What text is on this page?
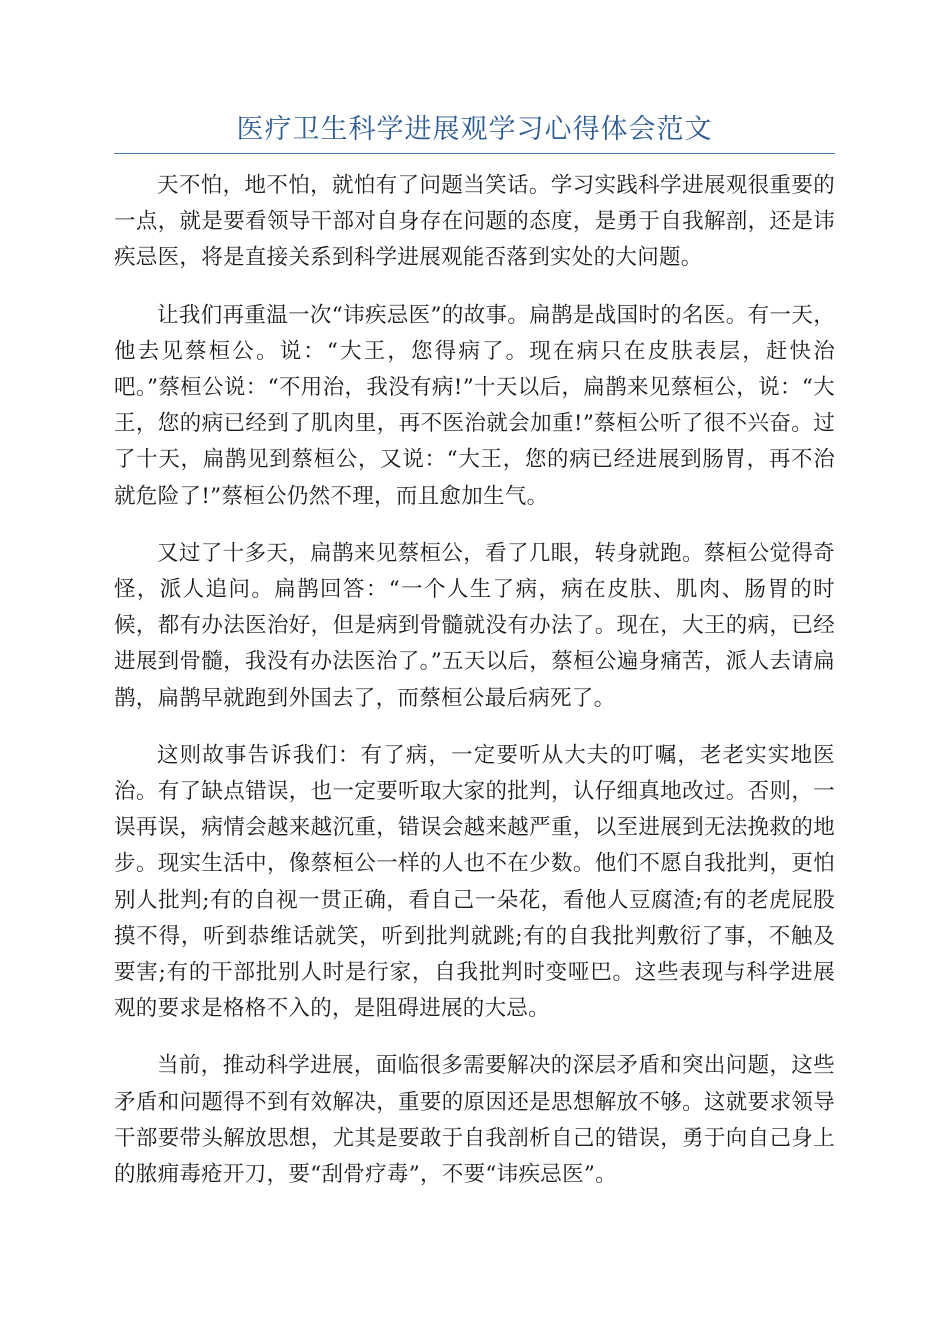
医疗卫生科学进展观学习心得体会范文

天不怕，地不怕，就怕有了问题当笑话。学习实践科学进展观很重要的一点，就是要看领导干部对自身存在问题的态度，是勇于自我解剖，还是讳疾忌医，将是直接关系到科学进展观能否落到实处的大问题。

让我们再重温一次“讳疾忌医”的故事。扁鹊是战国时的名医。有一天，他去见蔡桓公。说：“大王，您得病了。现在病只在皮肤表层，赶快治吧。”蔡桓公说：“不用治，我没有病!”十天以后，扁鹊来见蔡桓公，说：“大王，您的病已经到了肌肉里，再不医治就会加重!”蔡桓公听了很不兴奋。过了十天，扁鹊见到蔡桓公，又说：“大王，您的病已经进展到肠胃，再不治就危险了!”蔡桓公仍然不理，而且愈加生气。

又过了十多天，扁鹊来见蔡桓公，看了几眼，转身就跑。蔡桓公觉得奇怪，派人追问。扁鹊回答：“一个人生了病，病在皮肤、肌肉、肠胃的时候，都有办法医治好，但是病到骨髓就没有办法了。现在，大王的病，已经进展到骨髓，我没有办法医治了。”五天以后，蔡桓公遍身痛苦，派人去请扁鹊，扁鹊早就跑到外国去了，而蔡桓公最后病死了。

这则故事告诉我们：有了病，一定要听从大夫的叮嘱，老老实实地医治。有了缺点错误，也一定要听取大家的批判，认仔细真地改过。否则，一误再误，病情会越来越沉重，错误会越来越严重，以至进展到无法挽救的地步。现实生活中，像蔡桓公一样的人也不在少数。他们不愿自我批判，更怕别人批判;有的自视一贯正确，看自己一朵花，看他人豆腐渣;有的老虎屁股摸不得，听到恭维话就笑，听到批判就跳;有的自我批判敷衍了事，不触及要害;有的干部批别人时是行家，自我批判时变哑巴。这些表现与科学进展观的要求是格格不入的，是阻碍进展的大忌。

当前，推动科学进展，面临很多需要解决的深层矛盾和突出问题，这些矛盾和问题得不到有效解决，重要的原因还是思想解放不够。这就要求领导干部要带头解放思想，尤其是要敢于自我剖析自己的错误，勇于向自己身上的脓痈毒疮开刀，要“刮骨疗毒”，不要“讳疾忌医”。
